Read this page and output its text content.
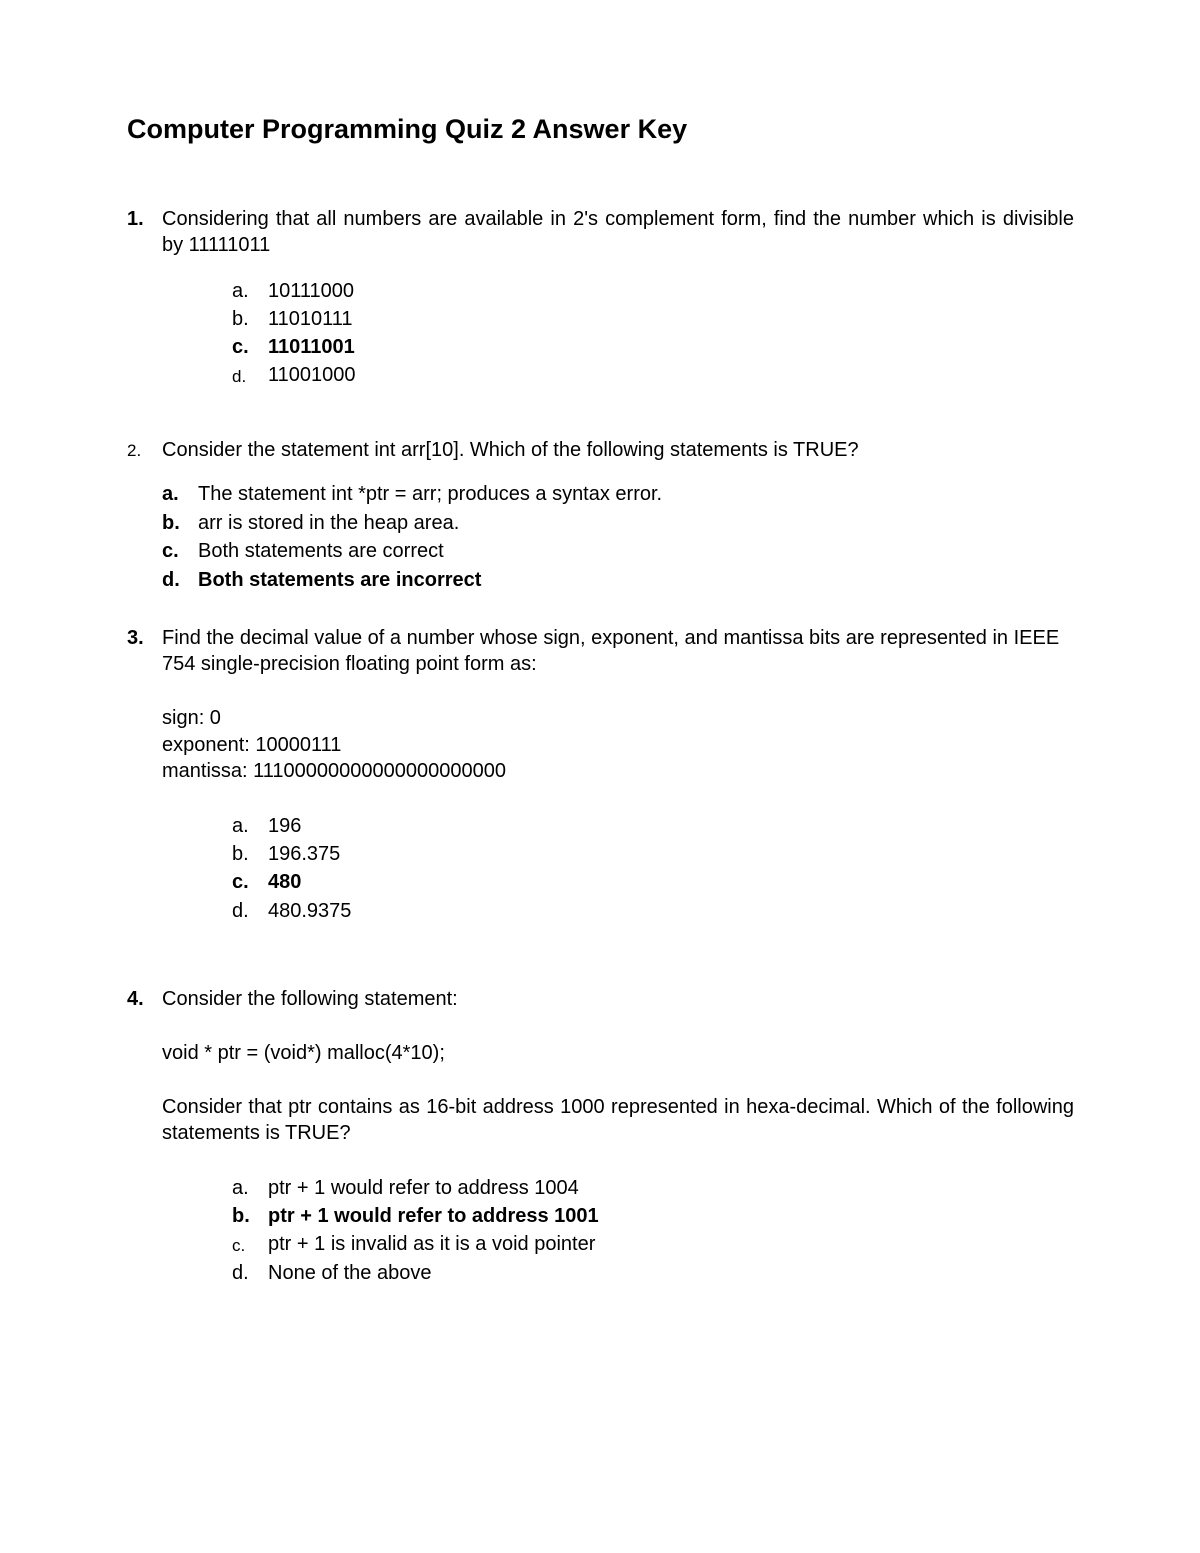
Computer Programming Quiz 2 Answer Key
1. Considering that all numbers are available in 2's complement form, find the number which is divisible by 11111011

a. 10111000
b. 11010111
c. 11011001
d. 11001000
2. Consider the statement int arr[10]. Which of the following statements is TRUE?

a. The statement int *ptr = arr; produces a syntax error.
b. arr is stored in the heap area.
c. Both statements are correct
d. Both statements are incorrect
3. Find the decimal value of a number whose sign, exponent, and mantissa bits are represented in IEEE 754 single-precision floating point form as:

sign: 0
exponent: 10000111
mantissa: 11100000000000000000000
a. 196
b. 196.375
c. 480
d. 480.9375
4. Consider the following statement:

void * ptr = (void*) malloc(4*10);

Consider that ptr contains as 16-bit address 1000 represented in hexa-decimal. Which of the following statements is TRUE?

a. ptr + 1 would refer to address 1004
b. ptr + 1 would refer to address 1001
c. ptr + 1 is invalid as it is a void pointer
d. None of the above
